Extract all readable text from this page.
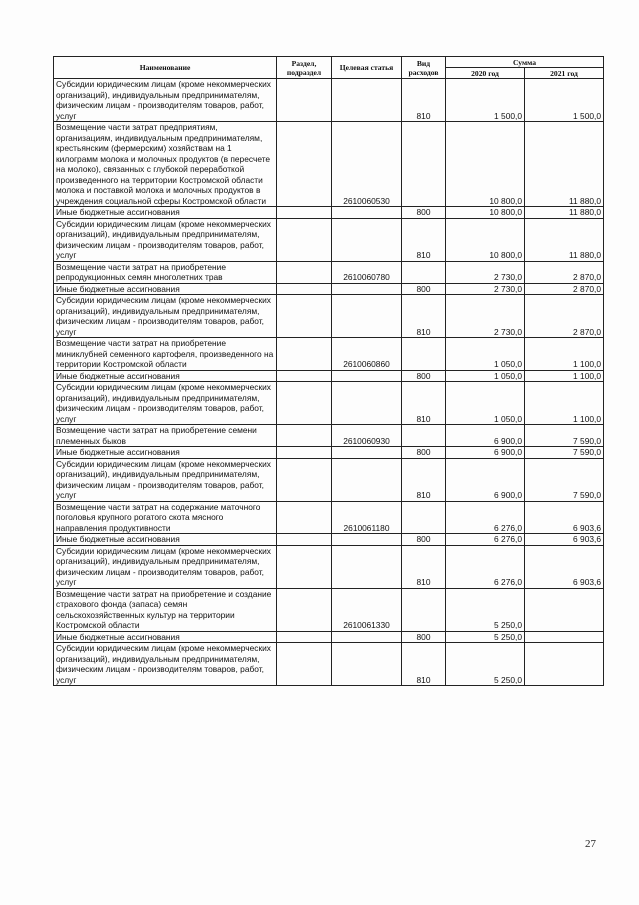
Наименование	Раздел, подраздел	Целевая статья	Вид расходов	Сумма	
				2020 год	2021 год
Субсидии юридическим лицам (кроме некоммерческих организаций), индивидуальным предпринимателям, физическим лицам - производителям товаров, работ, услуг			810	1 500,0	1 500,0
Возмещение части затрат предприятиям, организациям, индивидуальным предпринимателям, крестьянским (фермерским) хозяйствам на 1 килограмм молока и молочных продуктов (в пересчете на молоко), связанных с глубокой переработкой произведенного на территории Костромской области молока и поставкой молока и молочных продуктов в учреждения социальной сферы Костромской области		2610060530		10 800,0	11 880,0
Иные бюджетные ассигнования			800	10 800,0	11 880,0
Субсидии юридическим лицам (кроме некоммерческих организаций), индивидуальным предпринимателям, физическим лицам - производителям товаров, работ, услуг			810	10 800,0	11 880,0
Возмещение части затрат на приобретение репродукционных семян многолетних трав		2610060780		2 730,0	2 870,0
Иные бюджетные ассигнования			800	2 730,0	2 870,0
Субсидии юридическим лицам (кроме некоммерческих организаций), индивидуальным предпринимателям, физическим лицам - производителям товаров, работ, услуг			810	2 730,0	2 870,0
Возмещение части затрат на приобретение миниклубней семенного картофеля, произведенного на территории Костромской области		2610060860		1 050,0	1 100,0
Иные бюджетные ассигнования			800	1 050,0	1 100,0
Субсидии юридическим лицам (кроме некоммерческих организаций), индивидуальным предпринимателям, физическим лицам - производителям товаров, работ, услуг			810	1 050,0	1 100,0
Возмещение части затрат на приобретение семени племенных быков		2610060930		6 900,0	7 590,0
Иные бюджетные ассигнования			800	6 900,0	7 590,0
Субсидии юридическим лицам (кроме некоммерческих организаций), индивидуальным предпринимателям, физическим лицам - производителям товаров, работ, услуг			810	6 900,0	7 590,0
Возмещение части затрат на содержание маточного поголовья крупного рогатого скота мясного направления продуктивности		2610061180		6 276,0	6 903,6
Иные бюджетные ассигнования			800	6 276,0	6 903,6
Субсидии юридическим лицам (кроме некоммерческих организаций), индивидуальным предпринимателям, физическим лицам - производителям товаров, работ, услуг			810	6 276,0	6 903,6
Возмещение части затрат на приобретение и создание страхового фонда (запаса) семян сельскохозяйственных культур на территории Костромской области		2610061330		5 250,0	
Иные бюджетные ассигнования			800	5 250,0	
Субсидии юридическим лицам (кроме некоммерческих организаций), индивидуальным предпринимателям, физическим лицам - производителям товаров, работ, услуг			810	5 250,0	
27
